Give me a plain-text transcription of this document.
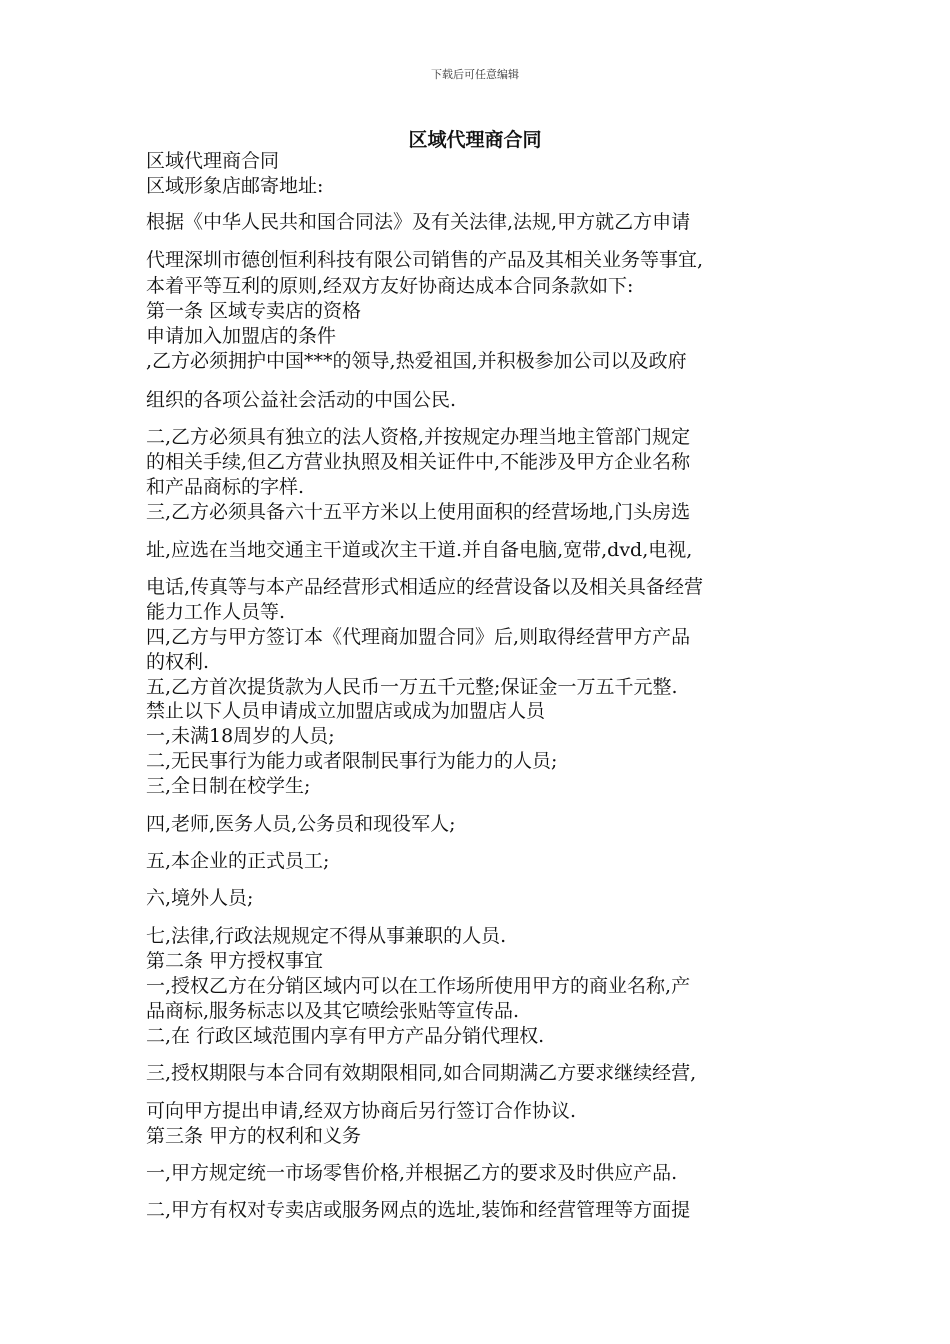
下载后可任意编辑
区域代理商合同
区域代理商合同
区域形象店邮寄地址:
根据《中华人民共和国合同法》及有关法律,法规,甲方就乙方申请
代理深圳市德创恒利科技有限公司销售的产品及其相关业务等事宜,
本着平等互利的原则,经双方友好协商达成本合同条款如下:
第一条 区域专卖店的资格
申请加入加盟店的条件
,乙方必须拥护中国***的领导,热爱祖国,并积极参加公司以及政府
组织的各项公益社会活动的中国公民.
二,乙方必须具有独立的法人资格,并按规定办理当地主管部门规定
的相关手续,但乙方营业执照及相关证件中,不能涉及甲方企业名称
和产品商标的字样.
三,乙方必须具备六十五平方米以上使用面积的经营场地,门头房选
址,应选在当地交通主干道或次主干道.并自备电脑,宽带,dvd,电视,
电话,传真等与本产品经营形式相适应的经营设备以及相关具备经营
能力工作人员等.
四,乙方与甲方签订本《代理商加盟合同》后,则取得经营甲方产品
的权利.
五,乙方首次提货款为人民币一万五千元整;保证金一万五千元整.
禁止以下人员申请成立加盟店或成为加盟店人员
一,未满18周岁的人员;
二,无民事行为能力或者限制民事行为能力的人员;
三,全日制在校学生;
四,老师,医务人员,公务员和现役军人;
五,本企业的正式员工;
六,境外人员;
七,法律,行政法规规定不得从事兼职的人员.
第二条 甲方授权事宜
一,授权乙方在分销区域内可以在工作场所使用甲方的商业名称,产
品商标,服务标志以及其它喷绘张贴等宣传品.
二,在 行政区域范围内享有甲方产品分销代理权.
三,授权期限与本合同有效期限相同,如合同期满乙方要求继续经营,
可向甲方提出申请,经双方协商后另行签订合作协议.
第三条 甲方的权利和义务
一,甲方规定统一市场零售价格,并根据乙方的要求及时供应产品.
二,甲方有权对专卖店或服务网点的选址,装饰和经营管理等方面提
